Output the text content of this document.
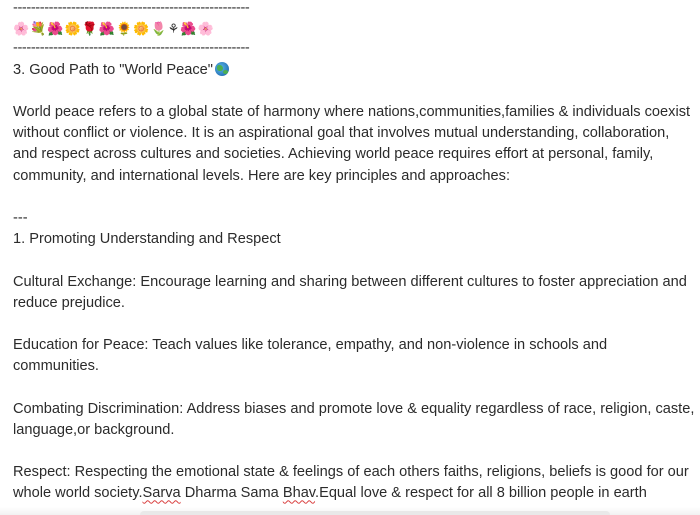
-----------------------------------------------------
🌸💐🌺🌼🌹🌺🌻🌼🌷⚘🌺🌸
-----------------------------------------------------
3. Good Path to "World Peace"

World peace refers to a global state of harmony where nations,communities,families & individuals coexist without conflict or violence. It is an aspirational goal that involves mutual understanding, collaboration, and respect across cultures and societies. Achieving world peace requires effort at personal, family, community, and international levels. Here are key principles and approaches:

---
1. Promoting Understanding and Respect

Cultural Exchange: Encourage learning and sharing between different cultures to foster appreciation and reduce prejudice.

Education for Peace: Teach values like tolerance, empathy, and non-violence in schools and communities.

Combating Discrimination: Address biases and promote love & equality regardless of race, religion, caste, language,or background.

Respect: Respecting the emotional state & feelings of each others faiths, religions, beliefs is good for our whole world society.Sarva Dharma Sama Bhav.Equal love & respect for all 8 billion people in earth
